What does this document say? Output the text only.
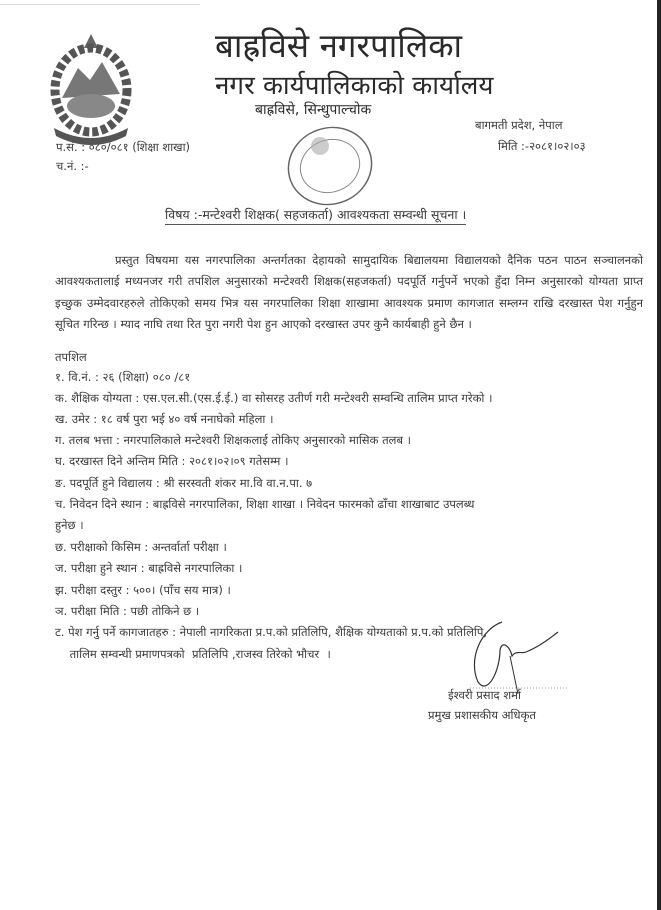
बाह्रविसे नगरपालिका
नगर कार्यपालिकाको कार्यालय
बाह्रविसे, सिन्धुपाल्चोक
बागमती प्रदेश, नेपाल
मिति :-२०८१।०२।०३
प.सं. : ०८०/०८१ (शिक्षा शाखा)
च.नं. :-
विषय :-मन्टेश्वरी शिक्षक( सहजकर्ता) आवश्यकता सम्वन्धी सूचना ।
प्रस्तुत विषयमा यस नगरपालिका अन्तर्गतका देहायको सामुदायिक बिद्यालयमा विद्यालयको दैनिक पठन पाठन सञ्चालनको आवश्यकतालाई मध्यनजर गरी तपशिल अनुसारको मन्टेश्वरी शिक्षक(सहजकर्ता) पदपूर्ति गर्नुपर्ने भएको हुँदा निम्न अनुसारको योग्यता प्राप्त इच्छुक उम्मेदवारहरुले तोकिएको समय भित्र यस नगरपालिका शिक्षा शाखामा आवश्यक प्रमाण कागजात सम्लग्न राखि दरखास्त पेश गर्नुहुन सूचित गरिन्छ । म्याद नाघि तथा रित पुरा नगरी पेश हुन आएको दरखास्त उपर कुनै कार्यबाही हुने छैन ।
तपशिल
१. वि.नं. : २६ (शिक्षा) ०८० /८१
क. शैक्षिक योग्यता : एस.एल.सी.(एस.ई.ई.) वा सोसरह उतीर्ण गरी मन्टेश्वरी सम्वन्धि तालिम प्राप्त गरेको ।
ख. उमेर : १८ वर्ष पुरा भई ४० वर्ष ननाघेको महिला ।
ग. तलब भत्ता : नगरपालिकाले मन्टेश्वरी शिक्षकलाई तोकिए अनुसारको मासिक तलब ।
घ. दरखास्त दिने अन्तिम मिति : २०८१।०२।०९ गतेसम्म ।
ङ. पदपूर्ति हुने विद्यालय : श्री सरस्वती शंकर मा.वि वा.न.पा. ७
च. निवेदन दिने स्थान : बाह्रविसे नगरपालिका, शिक्षा शाखा । निवेदन फारमको ढाँचा शाखाबाट उपलब्ध
हुनेछ ।
छ. परीक्षाको किसिम : अन्तर्वार्ता परीक्षा ।
ज. परीक्षा हुने स्थान : बाह्रविसे नगरपालिका ।
झ. परीक्षा दस्तुर : ५००। (पाँच सय मात्र) ।
ञ. परीक्षा मिति : पछी तोकिने छ ।
ट. पेश गर्नु पर्ने कागजातहरु : नेपाली नागरिकता प्र.प.को प्रतिलिपि, शैक्षिक योग्यताको प्र.प.को प्रतिलिपि,
तालिम सम्वन्धी प्रमाणपत्रको  प्रतिलिपि ,राजस्व तिरेको भौचर  ।
ईश्वरी प्रसाद शर्मा
प्रमुख प्रशासकीय अधिकृत
